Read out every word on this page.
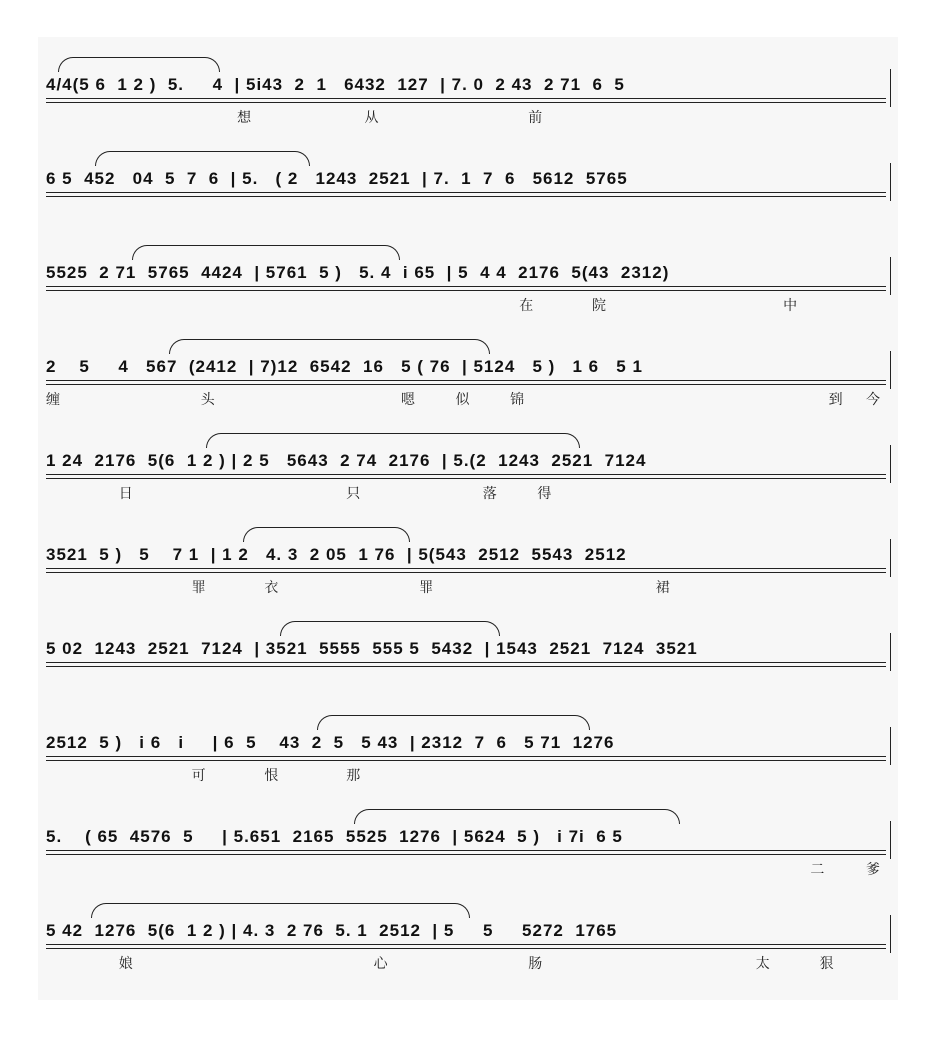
4/4(5 6  1 2 )  5.     4  | 5i43  2  1   6432  127  | 7. 0  2 43  2 71  6  5
想	从	前
6 5  452   04  5  7  6  | 5.   ( 2   1243  2521  | 7.  1  7  6   5612  5765
5525  2 71  5765  4424  | 5761  5 )   5. 4  i 65  | 5  4 4  2176  5(43  2312)
在	院	中
2    5     4   567  (2412  | 7)12  6542  16   5 ( 76  | 5124   5 )   1 6   5 1
缠	头	嗯	似	锦	到 今
1 24  2176  5(6  1 2 ) | 2 5   5643  2 74  2176  | 5.(2  1243  2521  7124
日	只	落	得
3521  5 )   5    7 1  | 1 2   4. 3  2 05  1 76  | 5(543  2512  5543  2512
罪	衣	罪	裙
5 02  1243  2521  7124  | 3521  5555  555 5  5432  | 1543  2521  7124  3521
2512  5 )   i 6   i     | 6  5    43  2  5   5 43  | 2312  7  6   5 71  1276
可	恨	那
5.    ( 65  4576  5     | 5.651  2165  5525  1276  | 5624  5 )   i 7i  6 5
二	爹
5 42  1276  5(6  1 2 ) | 4. 3  2 76  5. 1  2512  | 5     5     5272  1765
娘	心	肠	太	狠
